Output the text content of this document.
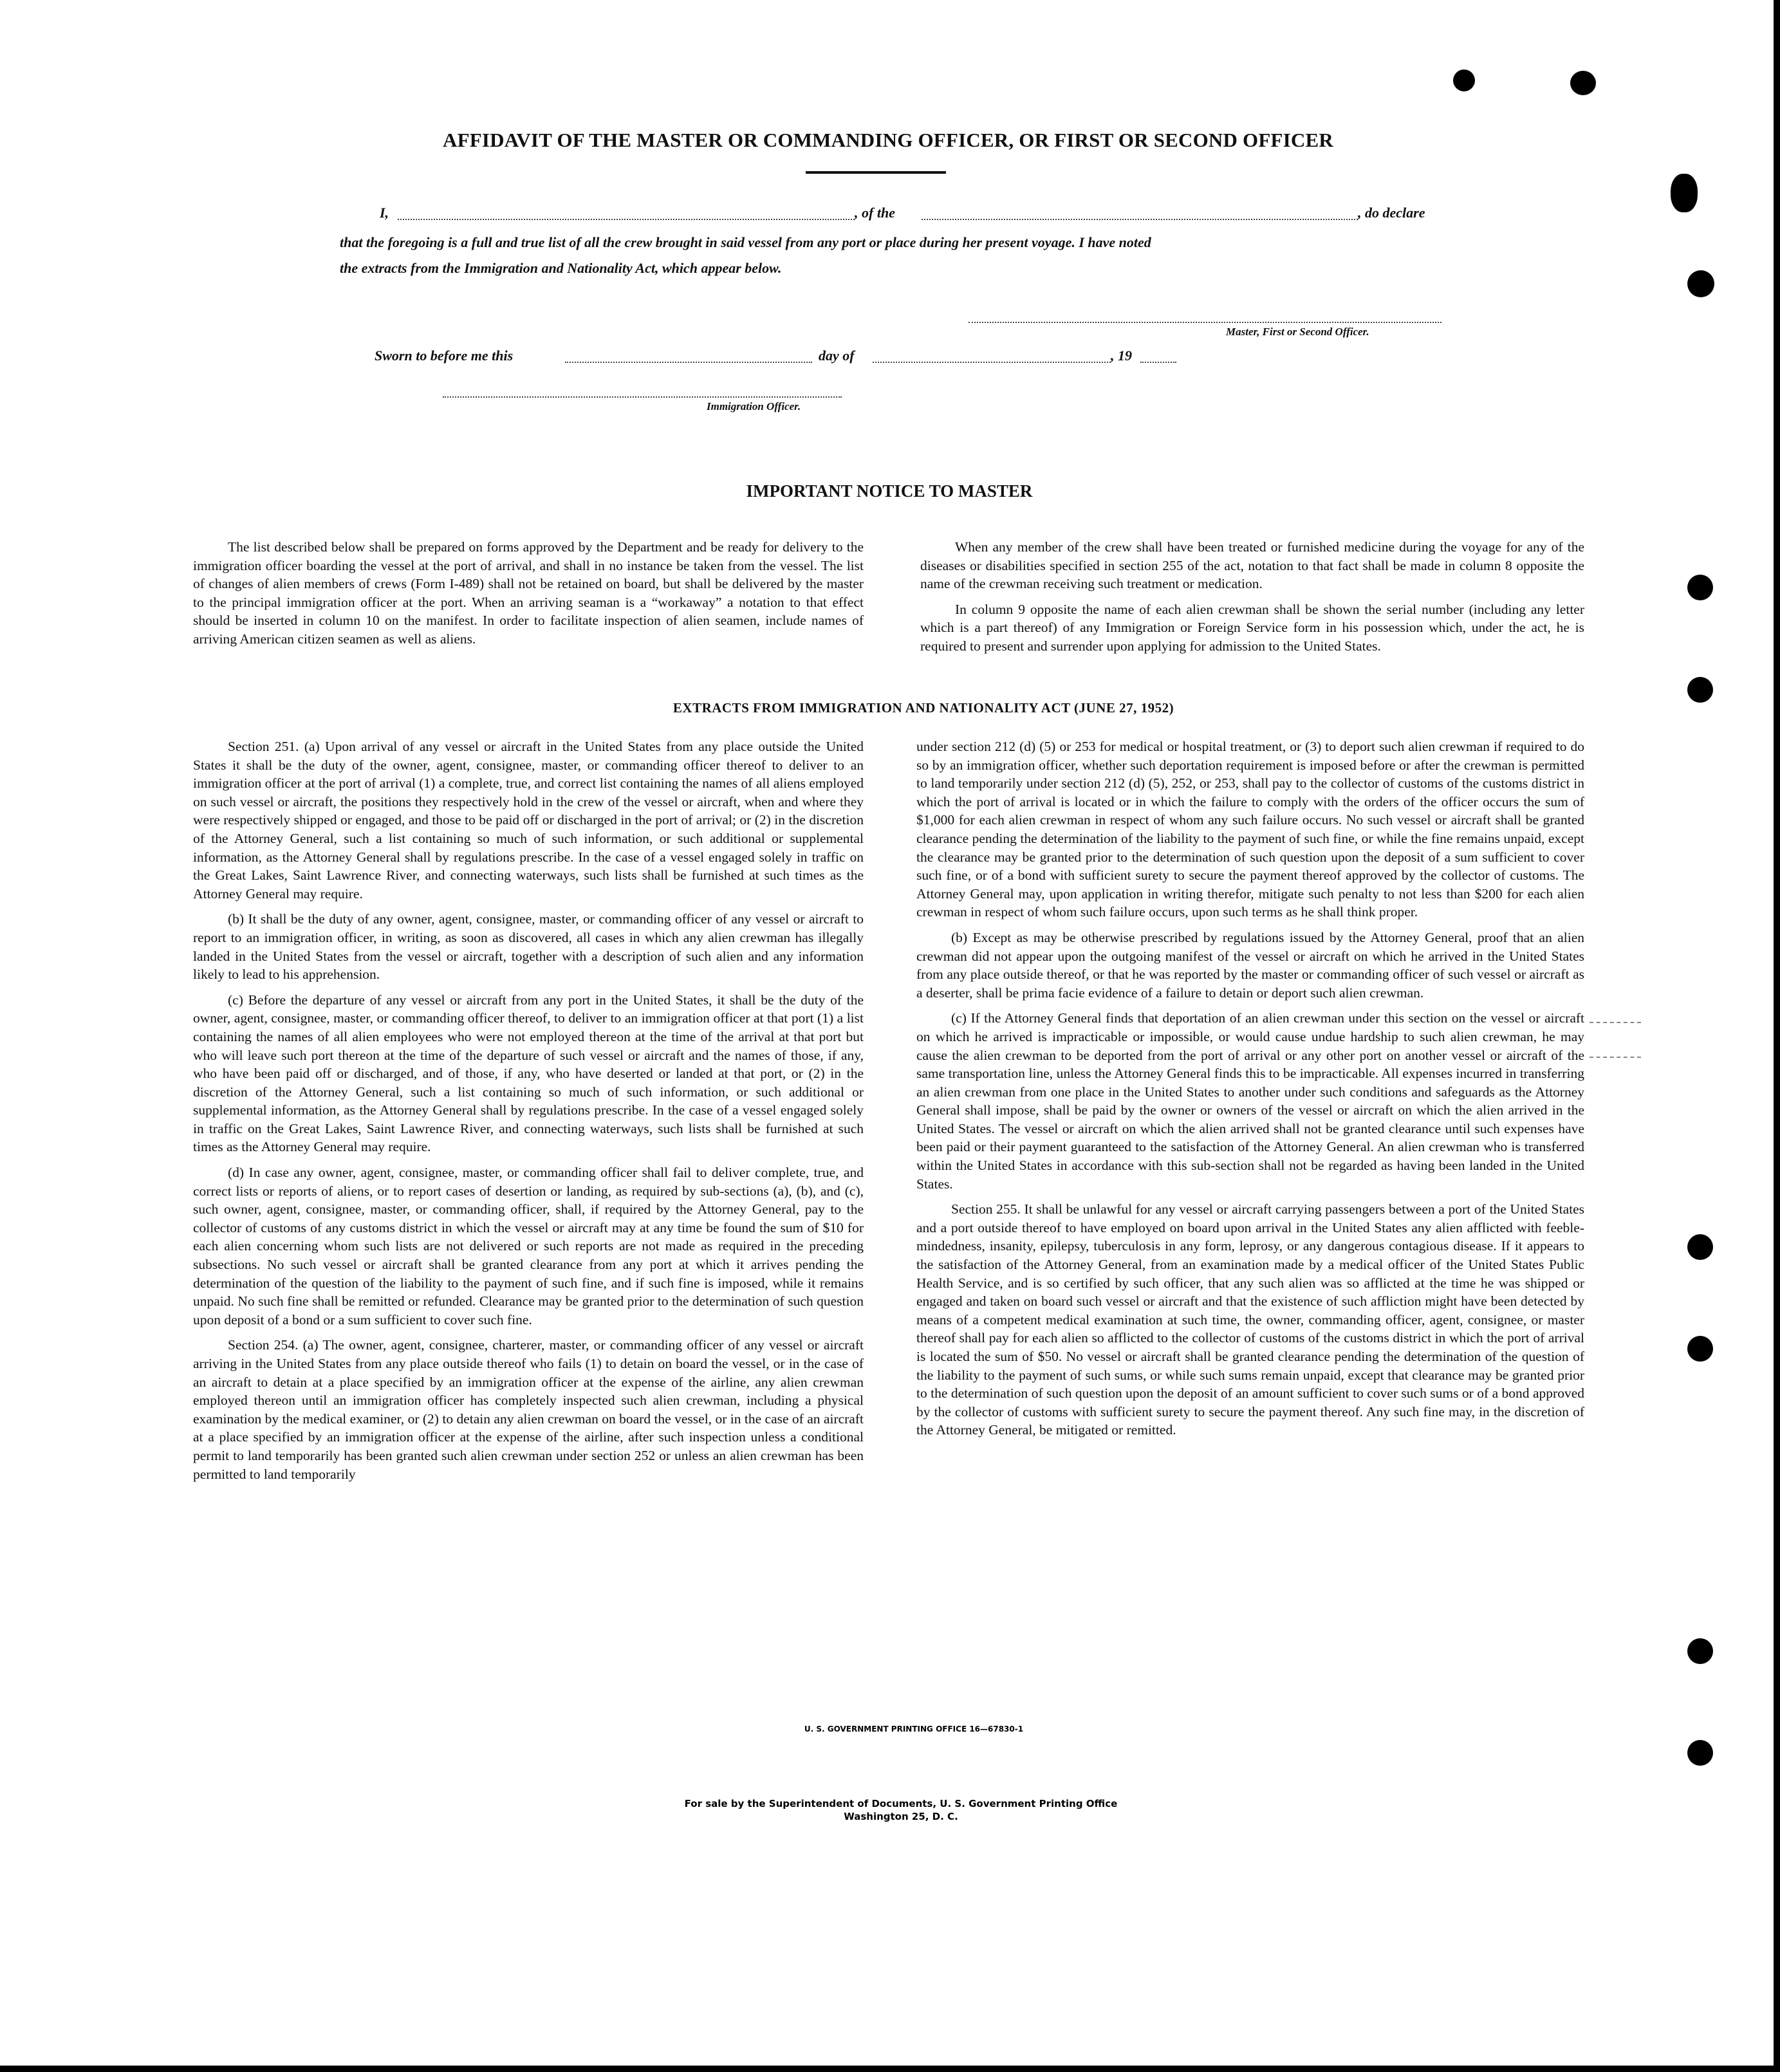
AFFIDAVIT OF THE MASTER OR COMMANDING OFFICER, OR FIRST OR SECOND OFFICER
I,	, of the	, do declare
that the foregoing is a full and true list of all the crew brought in said vessel from any port or place during her present voyage. I have noted
the extracts from the Immigration and Nationality Act, which appear below.
Master, First or Second Officer.
Sworn to before me this	day of	, 19
Immigration Officer.
IMPORTANT NOTICE TO MASTER

The list described below shall be prepared on forms approved by the Department and be ready for delivery to the immigration officer boarding the vessel at the port of arrival, and shall in no instance be taken from the vessel. The list of changes of alien members of crews (Form I-489) shall not be retained on board, but shall be delivered by the master to the principal immigration officer at the port. When an arriving seaman is a “workaway” a notation to that effect should be inserted in column 10 on the manifest. In order to facilitate inspection of alien seamen, include names of arriving American citizen seamen as well as aliens.

When any member of the crew shall have been treated or furnished medicine during the voyage for any of the diseases or disabilities specified in section 255 of the act, notation to that fact shall be made in column 8 opposite the name of the crewman receiving such treatment or medication.

In column 9 opposite the name of each alien crewman shall be shown the serial number (including any letter which is a part thereof) of any Immigration or Foreign Service form in his possession which, under the act, he is required to present and surrender upon applying for admission to the United States.

EXTRACTS FROM IMMIGRATION AND NATIONALITY ACT (JUNE 27, 1952)

Section 251. (a) Upon arrival of any vessel or aircraft in the United States from any place outside the United States it shall be the duty of the owner, agent, consignee, master, or commanding officer thereof to deliver to an immigration officer at the port of arrival (1) a complete, true, and correct list containing the names of all aliens employed on such vessel or aircraft, the positions they respectively hold in the crew of the vessel or aircraft, when and where they were respectively shipped or engaged, and those to be paid off or discharged in the port of arrival; or (2) in the discretion of the Attorney General, such a list containing so much of such information, or such additional or supplemental information, as the Attorney General shall by regulations prescribe. In the case of a vessel engaged solely in traffic on the Great Lakes, Saint Lawrence River, and connecting waterways, such lists shall be furnished at such times as the Attorney General may require.

(b) It shall be the duty of any owner, agent, consignee, master, or commanding officer of any vessel or aircraft to report to an immigration officer, in writing, as soon as discovered, all cases in which any alien crewman has illegally landed in the United States from the vessel or aircraft, together with a description of such alien and any information likely to lead to his apprehension.

(c) Before the departure of any vessel or aircraft from any port in the United States, it shall be the duty of the owner, agent, consignee, master, or commanding officer thereof, to deliver to an immigration officer at that port (1) a list containing the names of all alien employees who were not employed thereon at the time of the arrival at that port but who will leave such port thereon at the time of the departure of such vessel or aircraft and the names of those, if any, who have been paid off or discharged, and of those, if any, who have deserted or landed at that port, or (2) in the discretion of the Attorney General, such a list containing so much of such information, or such additional or supplemental information, as the Attorney General shall by regulations prescribe. In the case of a vessel engaged solely in traffic on the Great Lakes, Saint Lawrence River, and connecting waterways, such lists shall be furnished at such times as the Attorney General may require.

(d) In case any owner, agent, consignee, master, or commanding officer shall fail to deliver complete, true, and correct lists or reports of aliens, or to report cases of desertion or landing, as required by sub-sections (a), (b), and (c), such owner, agent, consignee, master, or commanding officer, shall, if required by the Attorney General, pay to the collector of customs of any customs district in which the vessel or aircraft may at any time be found the sum of $10 for each alien concerning whom such lists are not delivered or such reports are not made as required in the preceding subsections. No such vessel or aircraft shall be granted clearance from any port at which it arrives pending the determination of the question of the liability to the payment of such fine, and if such fine is imposed, while it remains unpaid. No such fine shall be remitted or refunded. Clearance may be granted prior to the determination of such question upon deposit of a bond or a sum sufficient to cover such fine.

Section 254. (a) The owner, agent, consignee, charterer, master, or commanding officer of any vessel or aircraft arriving in the United States from any place outside thereof who fails (1) to detain on board the vessel, or in the case of an aircraft to detain at a place specified by an immigration officer at the expense of the airline, any alien crewman employed thereon until an immigration officer has completely inspected such alien crewman, including a physical examination by the medical examiner, or (2) to detain any alien crewman on board the vessel, or in the case of an aircraft at a place specified by an immigration officer at the expense of the airline, after such inspection unless a conditional permit to land temporarily has been granted such alien crewman under section 252 or unless an alien crewman has been permitted to land temporarily

under section 212 (d) (5) or 253 for medical or hospital treatment, or (3) to deport such alien crewman if required to do so by an immigration officer, whether such deportation requirement is imposed before or after the crewman is permitted to land temporarily under section 212 (d) (5), 252, or 253, shall pay to the collector of customs of the customs district in which the port of arrival is located or in which the failure to comply with the orders of the officer occurs the sum of $1,000 for each alien crewman in respect of whom any such failure occurs. No such vessel or aircraft shall be granted clearance pending the determination of the liability to the payment of such fine, or while the fine remains unpaid, except the clearance may be granted prior to the determination of such question upon the deposit of a sum sufficient to cover such fine, or of a bond with sufficient surety to secure the payment thereof approved by the collector of customs. The Attorney General may, upon application in writing therefor, mitigate such penalty to not less than $200 for each alien crewman in respect of whom such failure occurs, upon such terms as he shall think proper.

(b) Except as may be otherwise prescribed by regulations issued by the Attorney General, proof that an alien crewman did not appear upon the outgoing manifest of the vessel or aircraft on which he arrived in the United States from any place outside thereof, or that he was reported by the master or commanding officer of such vessel or aircraft as a deserter, shall be prima facie evidence of a failure to detain or deport such alien crewman.

(c) If the Attorney General finds that deportation of an alien crewman under this section on the vessel or aircraft on which he arrived is impracticable or impossible, or would cause undue hardship to such alien crewman, he may cause the alien crewman to be deported from the port of arrival or any other port on another vessel or aircraft of the same transportation line, unless the Attorney General finds this to be impracticable. All expenses incurred in transferring an alien crewman from one place in the United States to another under such conditions and safeguards as the Attorney General shall impose, shall be paid by the owner or owners of the vessel or aircraft on which the alien arrived in the United States. The vessel or aircraft on which the alien arrived shall not be granted clearance until such expenses have been paid or their payment guaranteed to the satisfaction of the Attorney General. An alien crewman who is transferred within the United States in accordance with this sub-section shall not be regarded as having been landed in the United States.

Section 255. It shall be unlawful for any vessel or aircraft carrying passengers between a port of the United States and a port outside thereof to have employed on board upon arrival in the United States any alien afflicted with feeble-mindedness, insanity, epilepsy, tuberculosis in any form, leprosy, or any dangerous contagious disease. If it appears to the satisfaction of the Attorney General, from an examination made by a medical officer of the United States Public Health Service, and is so certified by such officer, that any such alien was so afflicted at the time he was shipped or engaged and taken on board such vessel or aircraft and that the existence of such affliction might have been detected by means of a competent medical examination at such time, the owner, commanding officer, agent, consignee, or master thereof shall pay for each alien so afflicted to the collector of customs of the customs district in which the port of arrival is located the sum of $50. No vessel or aircraft shall be granted clearance pending the determination of the question of the liability to the payment of such sums, or while such sums remain unpaid, except that clearance may be granted prior to the determination of such question upon the deposit of an amount sufficient to cover such sums or of a bond approved by the collector of customs with sufficient surety to secure the payment thereof. Any such fine may, in the discretion of the Attorney General, be mitigated or remitted.

U. S. GOVERNMENT PRINTING OFFICE 16—67830-1
For sale by the Superintendent of Documents, U. S. Government Printing Office
Washington 25, D. C.
